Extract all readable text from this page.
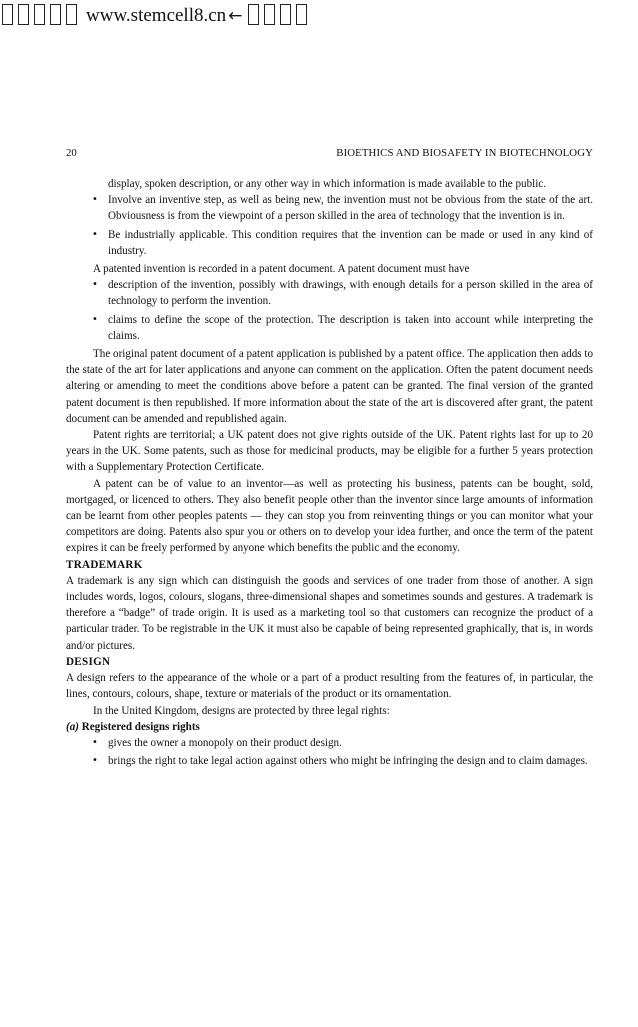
www.stemcell8.cn ←
20	BIOETHICS AND BIOSAFETY IN BIOTECHNOLOGY

display, spoken description, or any other way in which information is made available to the public.

• Involve an inventive step, as well as being new, the invention must not be obvious from the state of the art. Obviousness is from the viewpoint of a person skilled in the area of technology that the invention is in.
• Be industrially applicable. This condition requires that the invention can be made or used in any kind of industry.

A patented invention is recorded in a patent document. A patent document must have

• description of the invention, possibly with drawings, with enough details for a person skilled in the area of technology to perform the invention.
• claims to define the scope of the protection. The description is taken into account while interpreting the claims.

The original patent document of a patent application is published by a patent office. The application then adds to the state of the art for later applications and anyone can comment on the application. Often the patent document needs altering or amending to meet the conditions above before a patent can be granted. The final version of the granted patent document is then republished. If more information about the state of the art is discovered after grant, the patent document can be amended and republished again.

Patent rights are territorial; a UK patent does not give rights outside of the UK. Patent rights last for up to 20 years in the UK. Some patents, such as those for medicinal products, may be eligible for a further 5 years protection with a Supplementary Protection Certificate.

A patent can be of value to an inventor—as well as protecting his business, patents can be bought, sold, mortgaged, or licenced to others. They also benefit people other than the inventor since large amounts of information can be learnt from other peoples patents — they can stop you from reinventing things or you can monitor what your competitors are doing. Patents also spur you or others on to develop your idea further, and once the term of the patent expires it can be freely performed by anyone which benefits the public and the economy.

TRADEMARK

A trademark is any sign which can distinguish the goods and services of one trader from those of another. A sign includes words, logos, colours, slogans, three-dimensional shapes and sometimes sounds and gestures. A trademark is therefore a “badge” of trade origin. It is used as a marketing tool so that customers can recognize the product of a particular trader. To be registrable in the UK it must also be capable of being represented graphically, that is, in words and/or pictures.

DESIGN

A design refers to the appearance of the whole or a part of a product resulting from the features of, in particular, the lines, contours, colours, shape, texture or materials of the product or its ornamentation.

In the United Kingdom, designs are protected by three legal rights:

(a) Registered designs rights

• gives the owner a monopoly on their product design.
• brings the right to take legal action against others who might be infringing the design and to claim damages.
